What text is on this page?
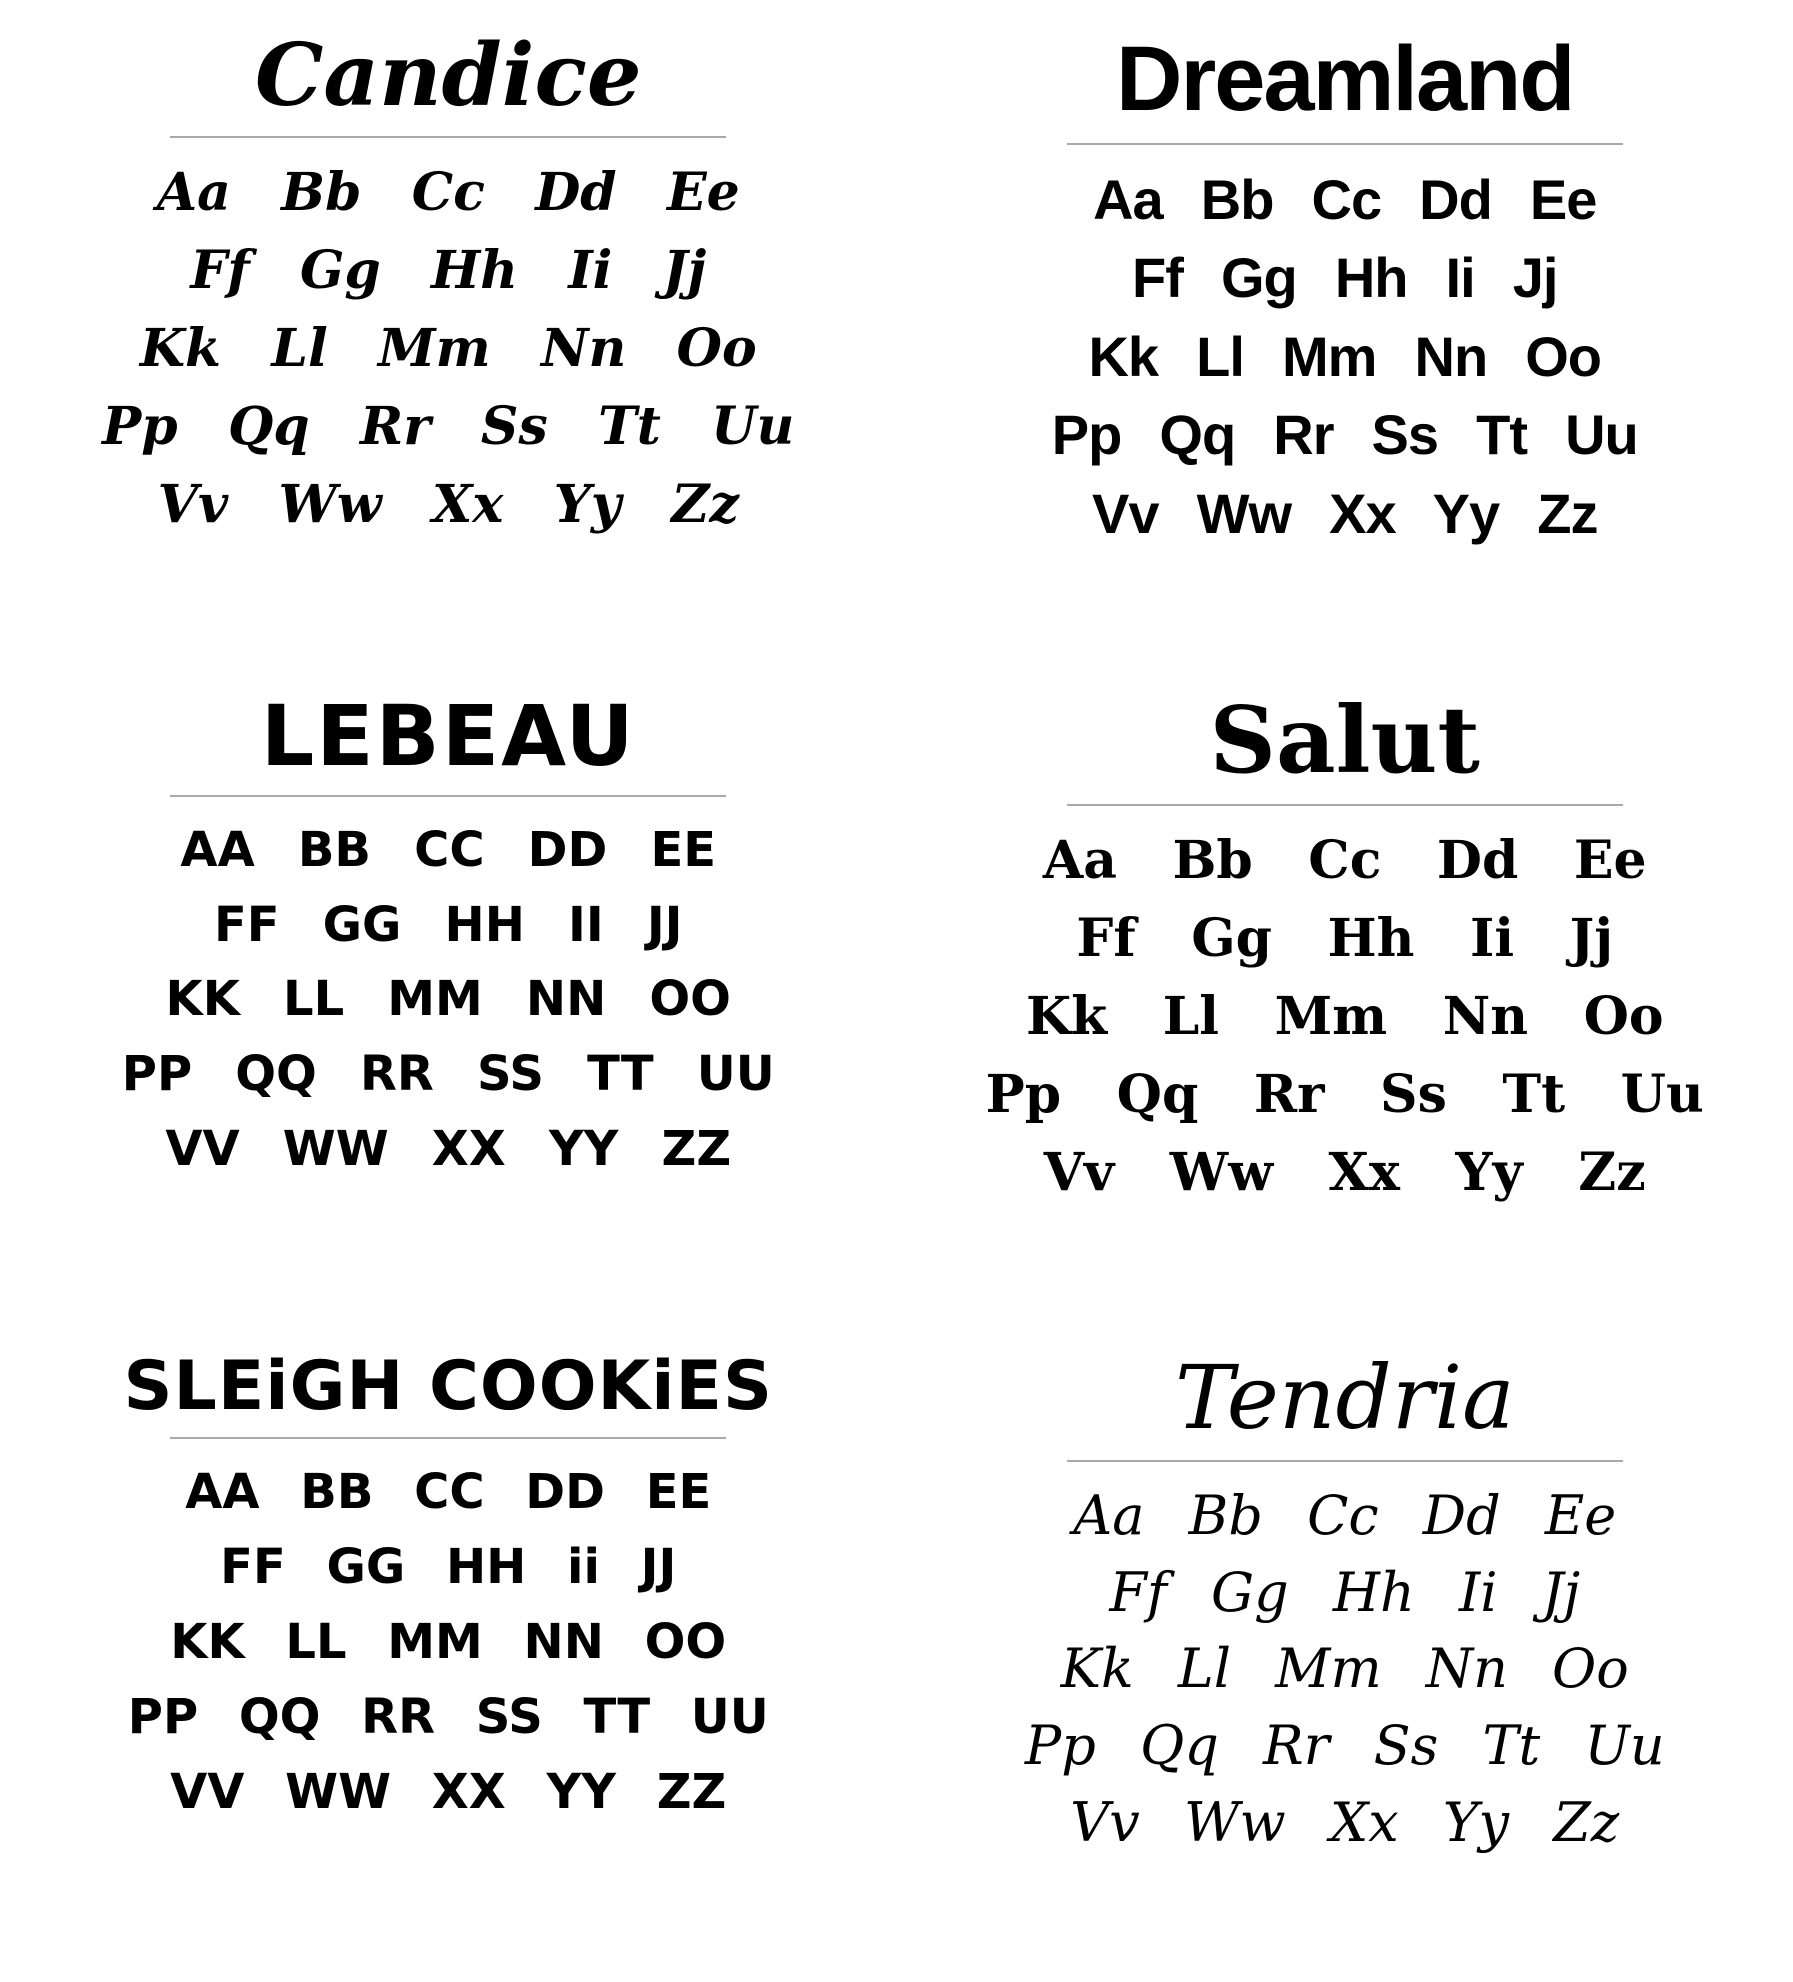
Candice
Aa Bb Cc Dd Ee
Ff Gg Hh Ii Jj
Kk Ll Mm Nn Oo
Pp Qq Rr Ss Tt Uu
Vv Ww Xx Yy Zz
Dreamland
Aa Bb Cc Dd Ee
Ff Gg Hh Ii Jj
Kk Ll Mm Nn Oo
Pp Qq Rr Ss Tt Uu
Vv Ww Xx Yy Zz
LEBEAU
AA BB CC DD EE
FF GG HH II JJ
KK LL MM NN OO
PP QQ RR SS TT UU
VV WW XX YY ZZ
Salut
Aa Bb Cc Dd Ee
Ff Gg Hh Ii Jj
Kk Ll Mm Nn Oo
Pp Qq Rr Ss Tt Uu
Vv Ww Xx Yy Zz
SLEiGH COOKiES
AA BB CC DD EE
FF GG HH ii JJ
KK LL MM NN OO
PP QQ RR SS TT UU
VV WW XX YY ZZ
Tendria
Aa Bb Cc Dd Ee
Ff Gg Hh Ii Jj
Kk Ll Mm Nn Oo
Pp Qq Rr Ss Tt Uu
Vv Ww Xx Yy Zz
